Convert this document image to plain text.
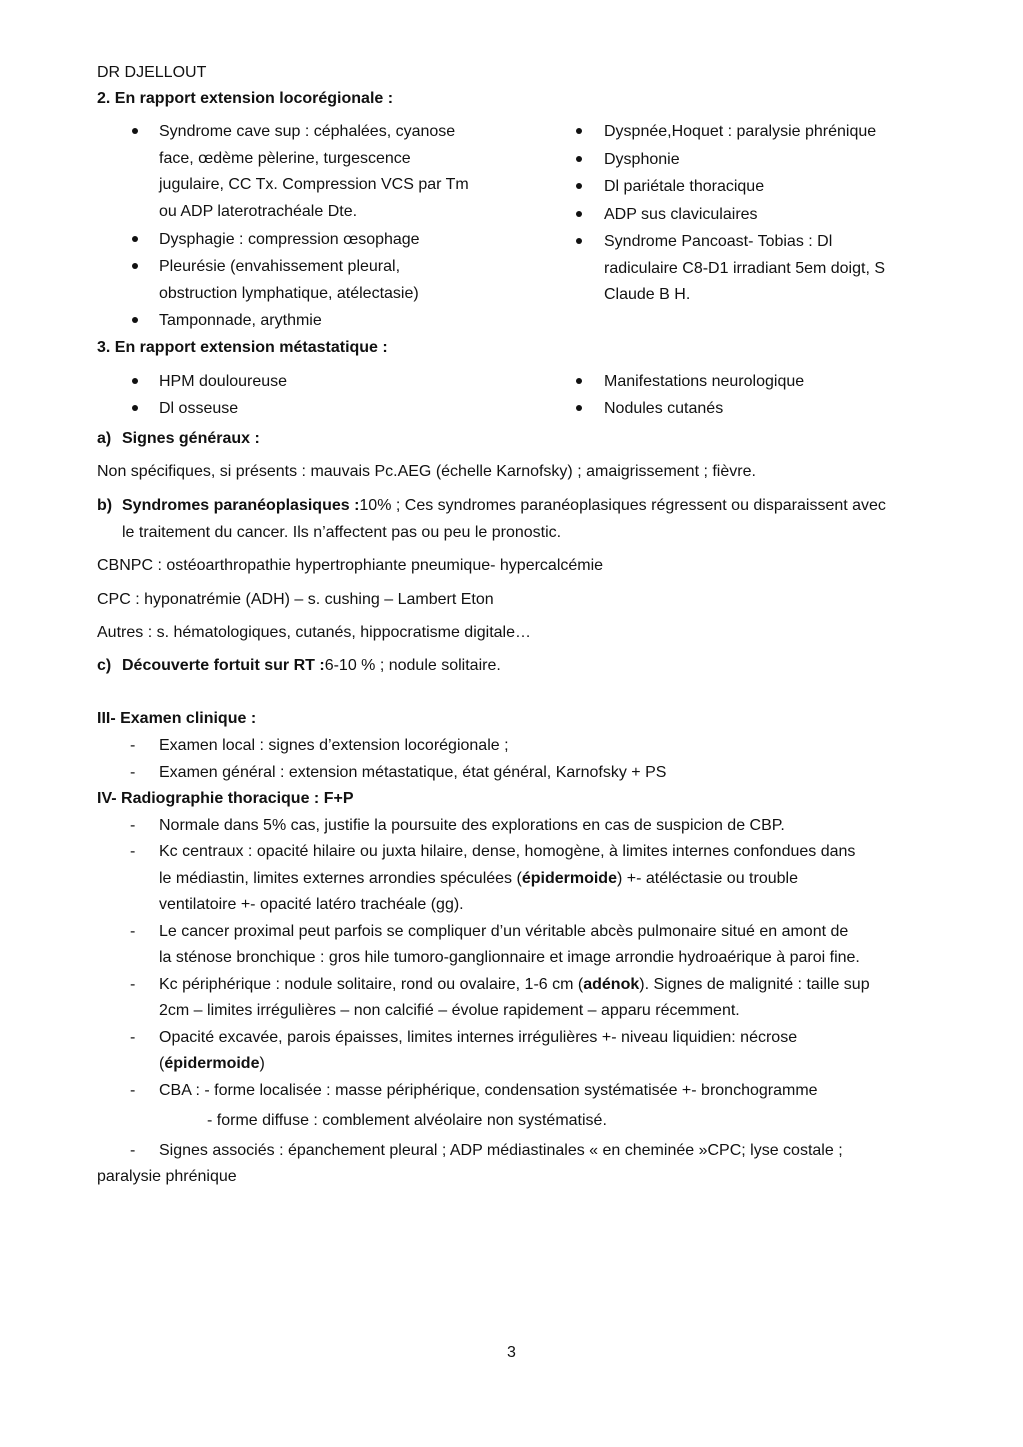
DR DJELLOUT
2. En rapport extension locorégionale :
Syndrome cave sup : céphalées, cyanose
face, œdème pèlerine, turgescence
jugulaire, CC Tx. Compression VCS par Tm
ou ADP laterotrachéale Dte.
Dysphagie : compression œsophage
Pleurésie (envahissement pleural,
obstruction lymphatique, atélectasie)
Tamponnade, arythmie
Dyspnée,Hoquet : paralysie phrénique
Dysphonie
Dl pariétale thoracique
ADP sus claviculaires
Syndrome Pancoast- Tobias : Dl
radiculaire C8-D1 irradiant 5em doigt, S
Claude B H.
3. En rapport extension métastatique :
HPM douloureuse
Dl osseuse
Manifestations neurologique
Nodules cutanés
a) Signes généraux :
Non spécifiques, si présents : mauvais Pc.AEG (échelle Karnofsky) ; amaigrissement ; fièvre.
b) Syndromes paranéoplasiques :10% ; Ces syndromes paranéoplasiques régressent ou disparaissent avec
le traitement du cancer. Ils n’affectent pas ou peu le pronostic.
CBNPC : ostéoarthropathie hypertrophiante pneumique- hypercalcémie
CPC : hyponatrémie (ADH) – s. cushing – Lambert Eton
Autres : s. hématologiques, cutanés, hippocratisme digitale…
c) Découverte fortuit sur RT :6-10 % ; nodule solitaire.
III- Examen clinique :
- Examen local : signes d’extension locorégionale ;
- Examen général : extension métastatique, état général, Karnofsky + PS
IV- Radiographie thoracique : F+P
- Normale dans 5% cas, justifie la poursuite des explorations en cas de suspicion de CBP.
- Kc centraux : opacité hilaire ou juxta hilaire, dense, homogène, à limites internes confondues dans
le médiastin, limites externes arrondies spéculées (épidermoide) +- atéléctasie ou trouble
ventilatoire +- opacité latéro trachéale (gg).
- Le cancer proximal peut parfois se compliquer d’un véritable abcès pulmonaire situé en amont de
la sténose bronchique : gros hile tumoro-ganglionnaire et image arrondie hydroaérique à paroi fine.
- Kc périphérique : nodule solitaire, rond ou ovalaire, 1-6 cm (adénok). Signes de malignité : taille sup
2cm – limites irrégulières – non calcifié – évolue rapidement – apparu récemment.
- Opacité excavée, parois épaisses, limites internes irrégulières +- niveau liquidien: nécrose
(épidermoide)
- CBA : - forme localisée : masse périphérique, condensation systématisée +- bronchogramme
- forme diffuse : comblement alvéolaire non systématisé.
- Signes associés : épanchement pleural ; ADP médiastinales « en cheminée »CPC; lyse costale ;
paralysie phrénique
3
